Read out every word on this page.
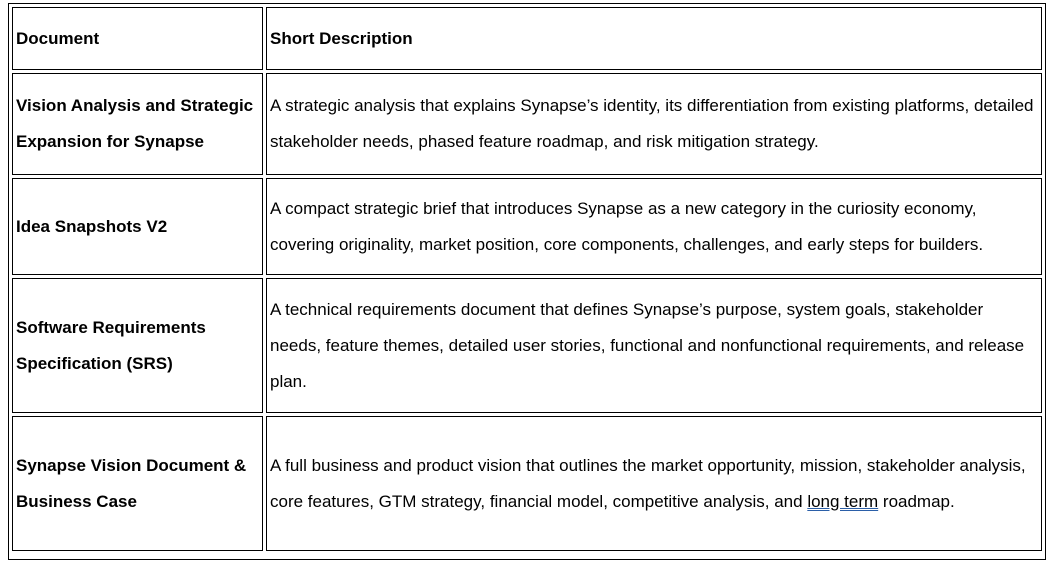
Document	Short Description
Vision Analysis and Strategic Expansion for Synapse	A strategic analysis that explains Synapse’s identity, its differentiation from existing platforms, detailed stakeholder needs, phased feature roadmap, and risk mitigation strategy.
Idea Snapshots V2	A compact strategic brief that introduces Synapse as a new category in the curiosity economy, covering originality, market position, core components, challenges, and early steps for builders.
Software Requirements Specification (SRS)	A technical requirements document that defines Synapse’s purpose, system goals, stakeholder needs, feature themes, detailed user stories, functional and nonfunctional requirements, and release plan.
Synapse Vision Document & Business Case	A full business and product vision that outlines the market opportunity, mission, stakeholder analysis, core features, GTM strategy, financial model, competitive analysis, and long term roadmap.
